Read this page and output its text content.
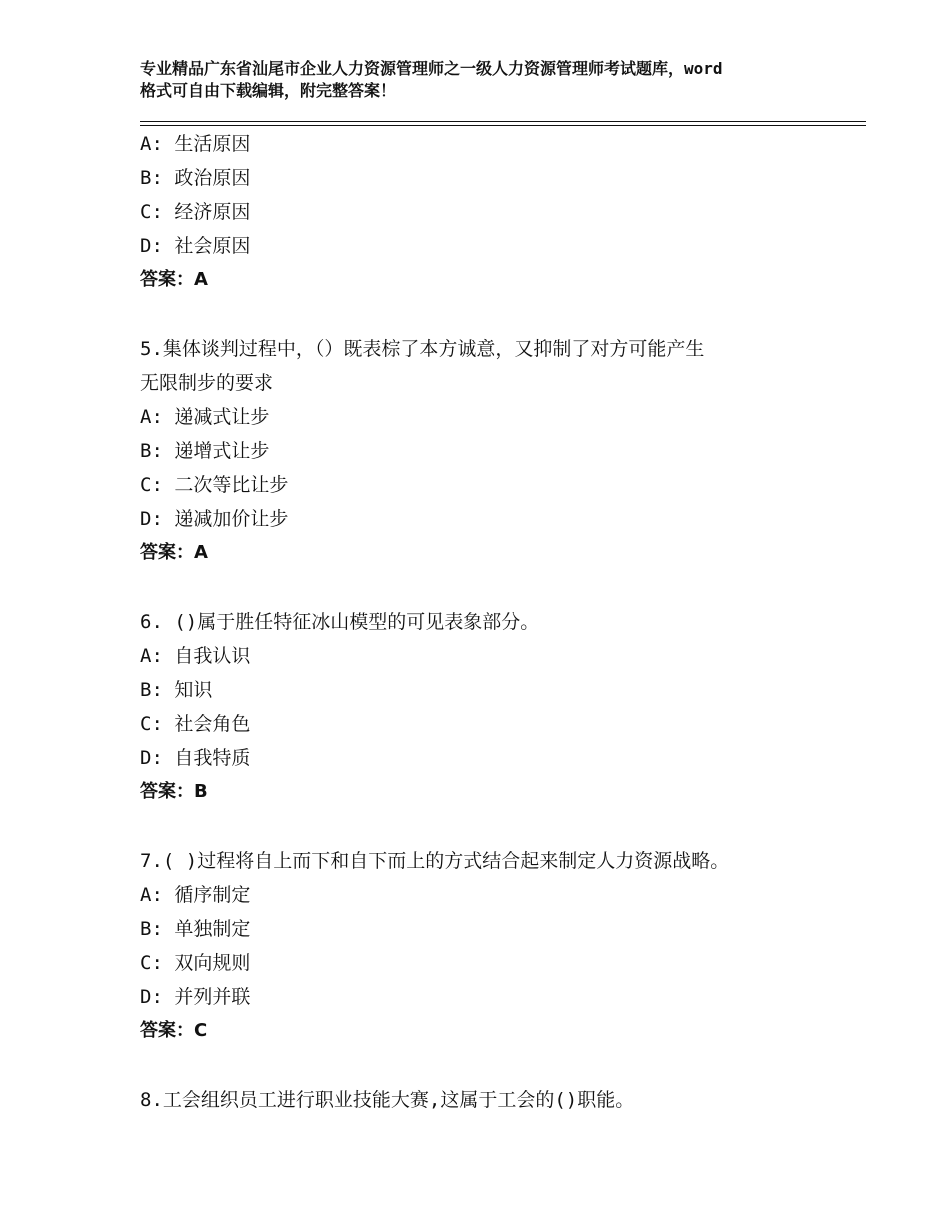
专业精品广东省汕尾市企业人力资源管理师之一级人力资源管理师考试题库，word
格式可自由下载编辑，附完整答案！
A: 生活原因
B: 政治原因
C: 经济原因
D: 社会原因
答案：A
5.集体谈判过程中，（）既表棕了本方诚意，又抑制了对方可能产生
无限制步的要求
A: 递减式让步
B: 递增式让步
C: 二次等比让步
D: 递减加价让步
答案：A
6. ()属于胜任特征冰山模型的可见表象部分。
A: 自我认识
B: 知识
C: 社会角色
D: 自我特质
答案：B
7.( )过程将自上而下和自下而上的方式结合起来制定人力资源战略。
A: 循序制定
B: 单独制定
C: 双向规则
D: 并列并联
答案：C
8.工会组织员工进行职业技能大赛,这属于工会的()职能。
